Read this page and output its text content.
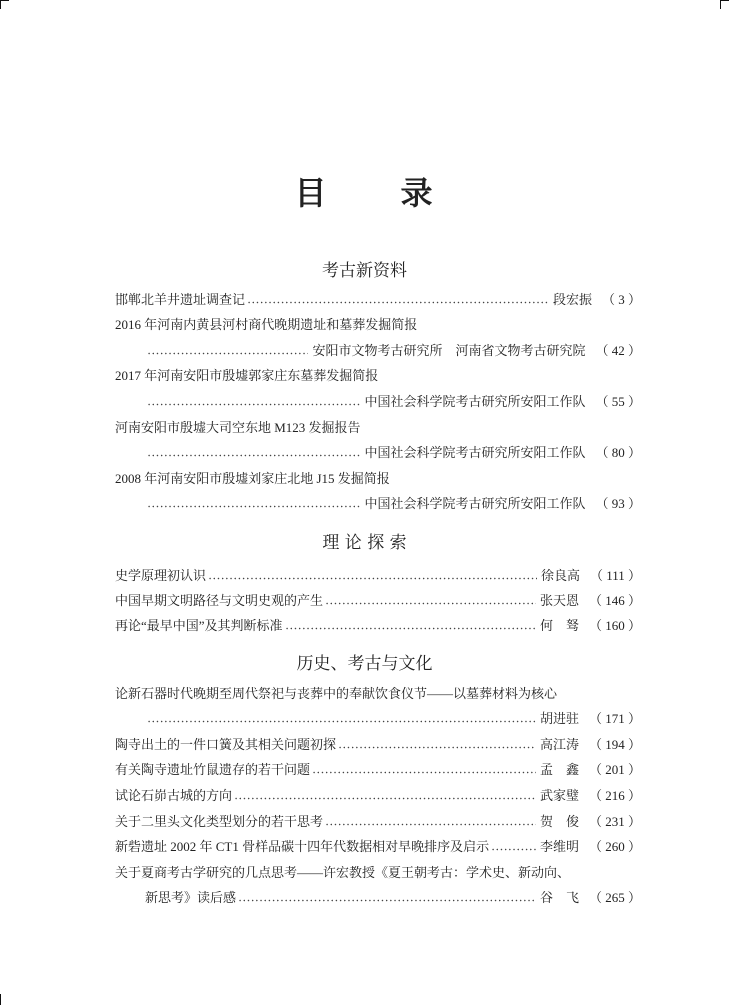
目 录
考古新资料
邯郸北羊井遗址调查记	段宏振 （ 3 ）
2016 年河南内黄县河村商代晚期遗址和墓葬发掘简报
安阳市文物考古研究所　河南省文物考古研究院 （ 42 ）
2017 年河南安阳市殷墟郭家庄东墓葬发掘简报
中国社会科学院考古研究所安阳工作队 （ 55 ）
河南安阳市殷墟大司空东地 M123 发掘报告
中国社会科学院考古研究所安阳工作队 （ 80 ）
2008 年河南安阳市殷墟刘家庄北地 J15 发掘简报
中国社会科学院考古研究所安阳工作队 （ 93 ）
理 论 探 索
史学原理初认识	徐良高 （ 111 ）
中国早期文明路径与文明史观的产生	张天恩 （ 146 ）
再论“最早中国”及其判断标准	何　驽 （ 160 ）
历史、考古与文化
论新石器时代晚期至周代祭祀与丧葬中的奉献饮食仪节——以墓葬材料为核心
胡进驻 （ 171 ）
陶寺出土的一件口簧及其相关问题初探	高江涛 （ 194 ）
有关陶寺遗址竹鼠遗存的若干问题	孟　鑫 （ 201 ）
试论石峁古城的方向	武家璧 （ 216 ）
关于二里头文化类型划分的若干思考	贺　俊 （ 231 ）
新砦遗址 2002 年 CT1 骨样品碳十四年代数据相对早晚排序及启示	李维明 （ 260 ）
关于夏商考古学研究的几点思考——许宏教授《夏王朝考古：学术史、新动向、
新思考》读后感	谷　飞 （ 265 ）
